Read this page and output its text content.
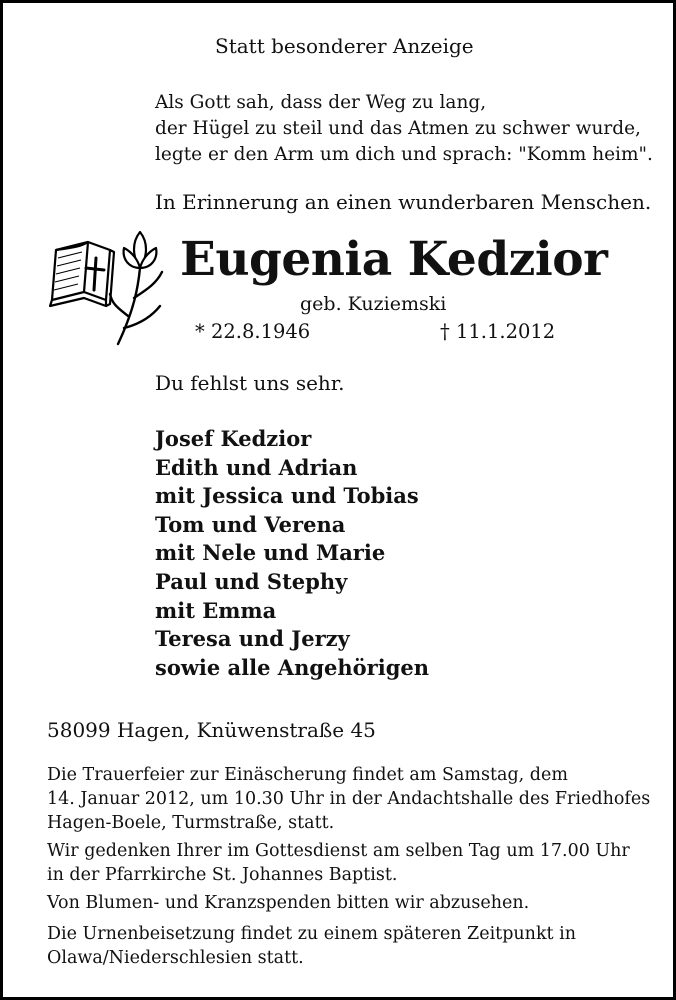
Statt besonderer Anzeige
Als Gott sah, dass der Weg zu lang,
der Hügel zu steil und das Atmen zu schwer wurde,
legte er den Arm um dich und sprach: "Komm heim".
In Erinnerung an einen wunderbaren Menschen.
Eugenia Kedzior
geb. Kuziemski
* 22.8.1946	† 11.1.2012
Du fehlst uns sehr.
Josef Kedzior
Edith und Adrian
mit Jessica und Tobias
Tom und Verena
mit Nele und Marie
Paul und Stephy
mit Emma
Teresa und Jerzy
sowie alle Angehörigen
58099 Hagen, Knüwenstraße 45
Die Trauerfeier zur Einäscherung findet am Samstag, dem
14. Januar 2012, um 10.30 Uhr in der Andachtshalle des Friedhofes
Hagen-Boele, Turmstraße, statt.
Wir gedenken Ihrer im Gottesdienst am selben Tag um 17.00 Uhr
in der Pfarrkirche St. Johannes Baptist.
Von Blumen- und Kranzspenden bitten wir abzusehen.
Die Urnenbeisetzung findet zu einem späteren Zeitpunkt in
Olawa/Niederschlesien statt.
